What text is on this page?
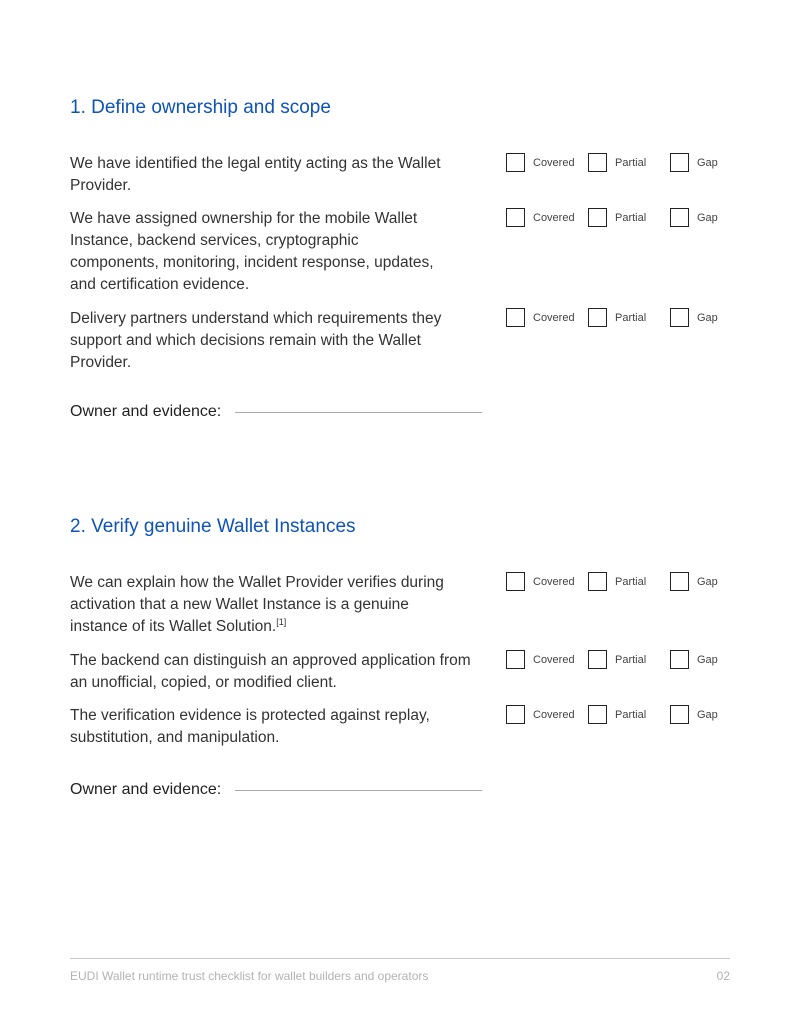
1. Define ownership and scope
We have identified the legal entity acting as the Wallet Provider.
Covered	Partial	Gap
We have assigned ownership for the mobile Wallet Instance, backend services, cryptographic components, monitoring, incident response, updates, and certification evidence.
Covered	Partial	Gap
Delivery partners understand which requirements they support and which decisions remain with the Wallet Provider.
Covered	Partial	Gap
Owner and evidence:
2. Verify genuine Wallet Instances
We can explain how the Wallet Provider verifies during activation that a new Wallet Instance is a genuine instance of its Wallet Solution.[1]
Covered	Partial	Gap
The backend can distinguish an approved application from an unofficial, copied, or modified client.
Covered	Partial	Gap
The verification evidence is protected against replay, substitution, and manipulation.
Covered	Partial	Gap
Owner and evidence:
EUDI Wallet runtime trust checklist for wallet builders and operators	02
